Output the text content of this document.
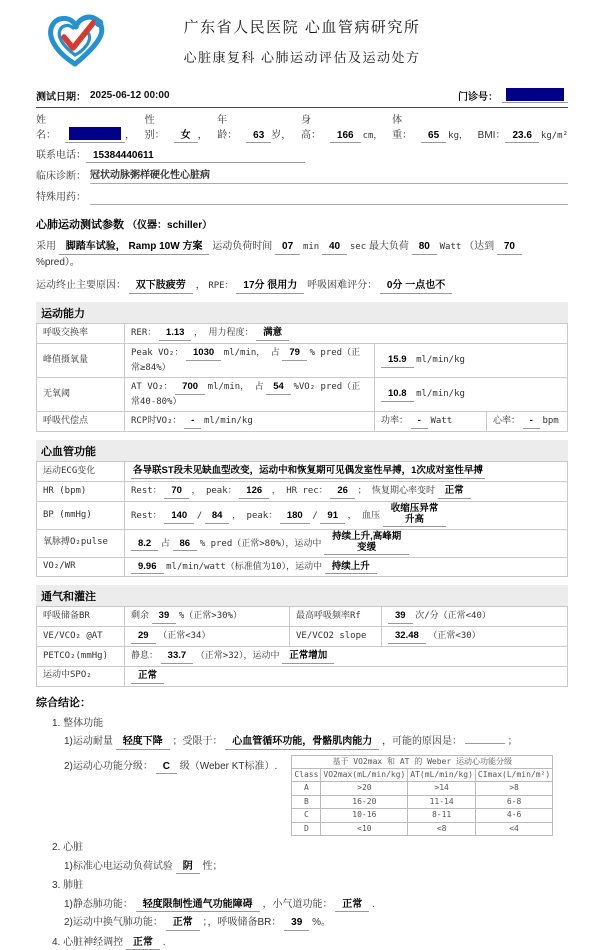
广东省人民医院 心血管病研究所
心脏康复科 心肺运动评估及运动处方
测试日期： 2025-06-12 00:00	门诊号：
姓名：	，
性别：	女 ，
年龄：	63 岁，
身高：	166	cm，
体重：	65	kg， BMI： 23.6	kg/m²
联系电话： 15384440611
临床诊断： 冠状动脉粥样硬化性心脏病
特殊用药：

心肺运动测试参数 （仪器：schiller）
采用 脚踏车试验， Ramp 10W 方案 运动负荷时间 07 min 40 sec 最大负荷 80 Watt （达到 70 %pred）。
运动终止主要原因： 双下肢疲劳 ， RPE： 17分 很用力 呼吸困难评分： 0分 一点也不
运动能力
呼吸交换率	RER： 1.13 ， 用力程度： 满意		
峰值摄氧量	Peak VO₂： 1030 ml/min， 占 79 % pred（正常≥84%）	15.9 ml/min/kg	
无氧阈	AT VO₂： 700 ml/min， 占 54 %VO₂ pred（正常40-80%）	10.8 ml/min/kg	
呼吸代偿点	RCP时VO₂： - ml/min/kg	功率： - Watt	心率： - bpm
心血管功能
运动ECG变化	各导联ST段未见缺血型改变，运动中和恢复期可见偶发室性早搏，1次成对室性早搏
HR (bpm)	Rest： 70 ， peak： 126 ， HR rec： 26 ； 恢复期心率变时 正常
BP (mmHg)	Rest： 140 / 84 ， peak： 180 / 91 ， 血压
收缩压异常
升高

氧脉搏O₂pulse	8.2 占 86 % pred（正常>80%），运动中
持续上升,高峰期
变缓

VO₂/WR	9.96 ml/min/watt（标准值为10），运动中 持续上升
通气和灌注
呼吸储备BR	剩余 39 %（正常>30%）	最高呼吸频率Rf	39 次/分（正常<40）
VE/VCO₂ @AT	29 （正常<34）	VE/VCO2 slope	32.48 （正常<30）
PETCO₂(mmHg)	静息： 33.7 （正常>32），运动中 正常增加		
运动中SPO₂	正常		
综合结论：
1. 整体功能
1)运动耐量 轻度下降 ；受限于： 心血管循环功能，骨骼肌肉能力 ，可能的原因是：	；
2)运动心功能分级： C 级（Weber KT标准）.	基于 VO2max 和 AT 的 Weber 运动心功能分级			
Class	VO2max(mL/min/kg)	AT(mL/min/kg)	CImax(L/min/m²)
A	>20	>14	>8
B	16-20	11-14	6-8
C	10-16	8-11	4-6
D	<10	<8	<4
2. 心脏
1)标准心电运动负荷试验 阴 性；
3. 肺脏
1)静态肺功能： 轻度限制性通气功能障碍 ，小气道功能： 正常 .
2)运动中换气肺功能： 正常 ；，呼吸储备BR： 39 %。
4. 心脏神经调控 正常 .
